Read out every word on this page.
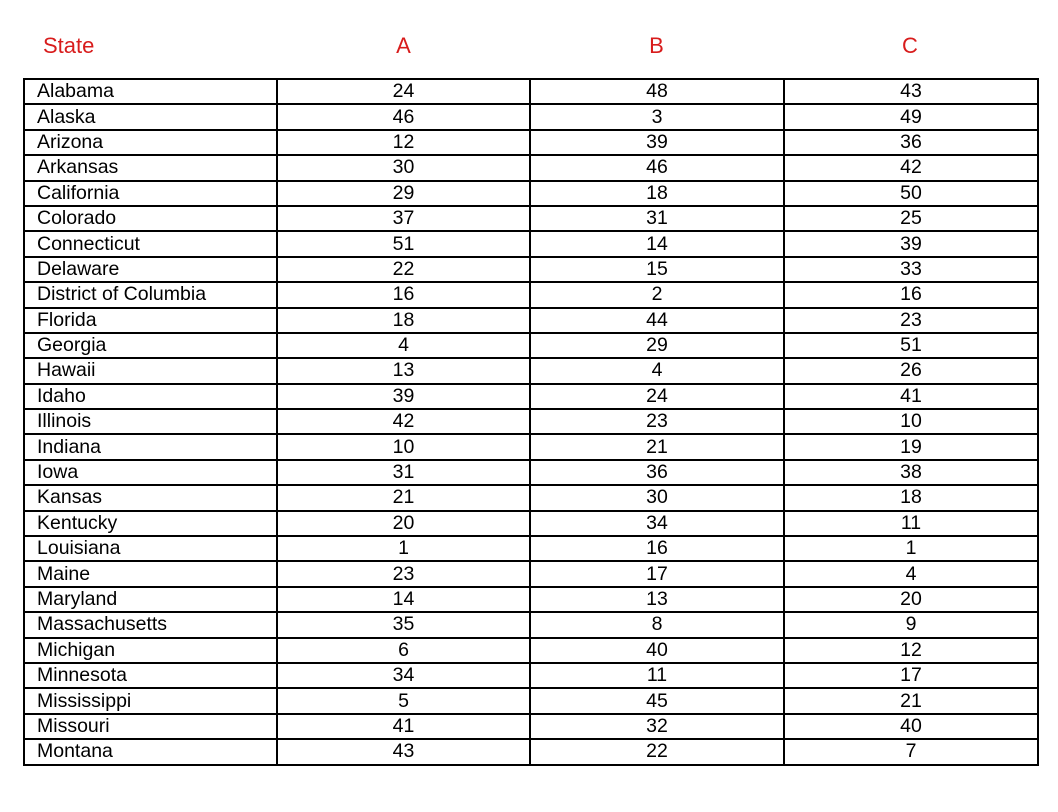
State	A	B	C
Alabama	24	48	43
Alaska	46	3	49
Arizona	12	39	36
Arkansas	30	46	42
California	29	18	50
Colorado	37	31	25
Connecticut	51	14	39
Delaware	22	15	33
District of Columbia	16	2	16
Florida	18	44	23
Georgia	4	29	51
Hawaii	13	4	26
Idaho	39	24	41
Illinois	42	23	10
Indiana	10	21	19
Iowa	31	36	38
Kansas	21	30	18
Kentucky	20	34	11
Louisiana	1	16	1
Maine	23	17	4
Maryland	14	13	20
Massachusetts	35	8	9
Michigan	6	40	12
Minnesota	34	11	17
Mississippi	5	45	21
Missouri	41	32	40
Montana	43	22	7
